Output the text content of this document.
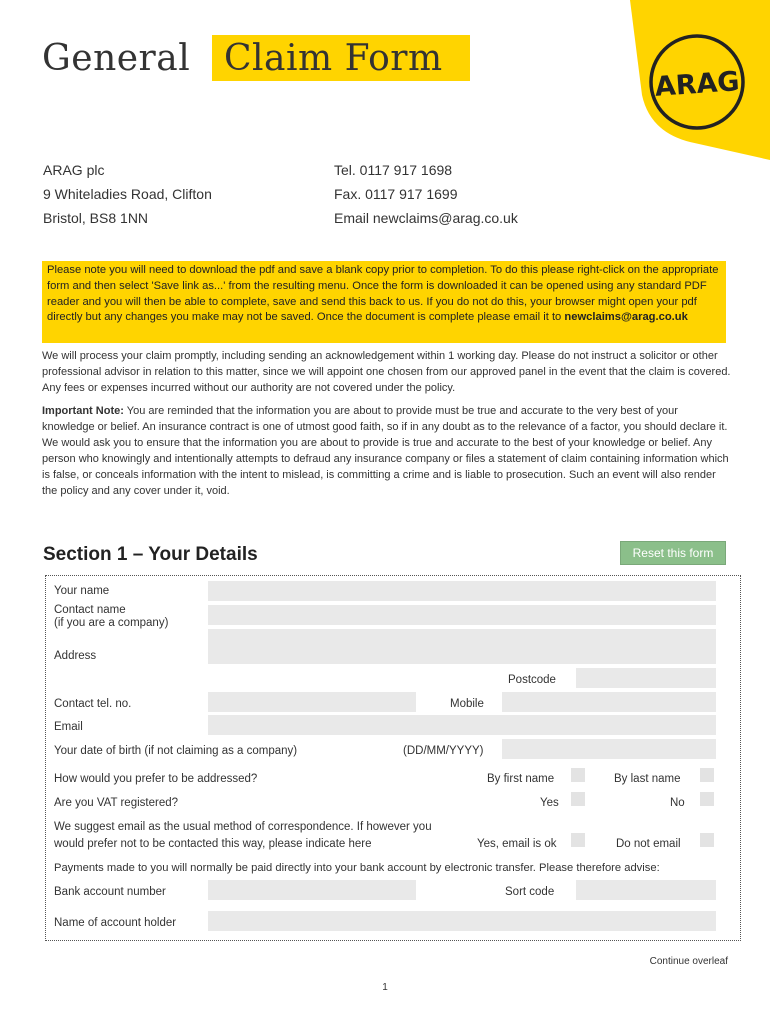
General Claim Form
ARAG
ARAG plc
9 Whiteladies Road, Clifton
Bristol, BS8 1NN
Tel. 0117 917 1698
Fax. 0117 917 1699
Email newclaims@arag.co.uk
Please note you will need to download the pdf and save a blank copy prior to completion. To do this please right-click on the appropriate form and then select 'Save link as...' from the resulting menu. Once the form is downloaded it can be opened using any standard PDF reader and you will then be able to complete, save and send this back to us. If you do not do this, your browser might open your pdf directly but any changes you make may not be saved. Once the document is complete please email it to newclaims@arag.co.uk
We will process your claim promptly, including sending an acknowledgement within 1 working day. Please do not instruct a solicitor or other professional advisor in relation to this matter, since we will appoint one chosen from our approved panel in the event that the claim is covered. Any fees or expenses incurred without our authority are not covered under the policy.
Important Note: You are reminded that the information you are about to provide must be true and accurate to the very best of your knowledge or belief. An insurance contract is one of utmost good faith, so if in any doubt as to the relevance of a factor, you should declare it. We would ask you to ensure that the information you are about to provide is true and accurate to the best of your knowledge or belief. Any person who knowingly and intentionally attempts to defraud any insurance company or files a statement of claim containing information which is false, or conceals information with the intent to mislead, is committing a crime and is liable to prosecution. Such an event will also render the policy and any cover under it, void.
Section 1 – Your Details	Reset this form
Your name
Contact name
(if you are a company)
Address
Postcode
Contact tel. no.	Mobile
Email
Your date of birth (if not claiming as a company)	(DD/MM/YYYY)
How would you prefer to be addressed?	By first name	By last name
Are you VAT registered?	Yes	No
We suggest email as the usual method of correspondence. If however you
would prefer not to be contacted this way, please indicate here	Yes, email is ok	Do not email
Payments made to you will normally be paid directly into your bank account by electronic transfer. Please therefore advise:
Bank account number	Sort code
Name of account holder
Continue overleaf
1
